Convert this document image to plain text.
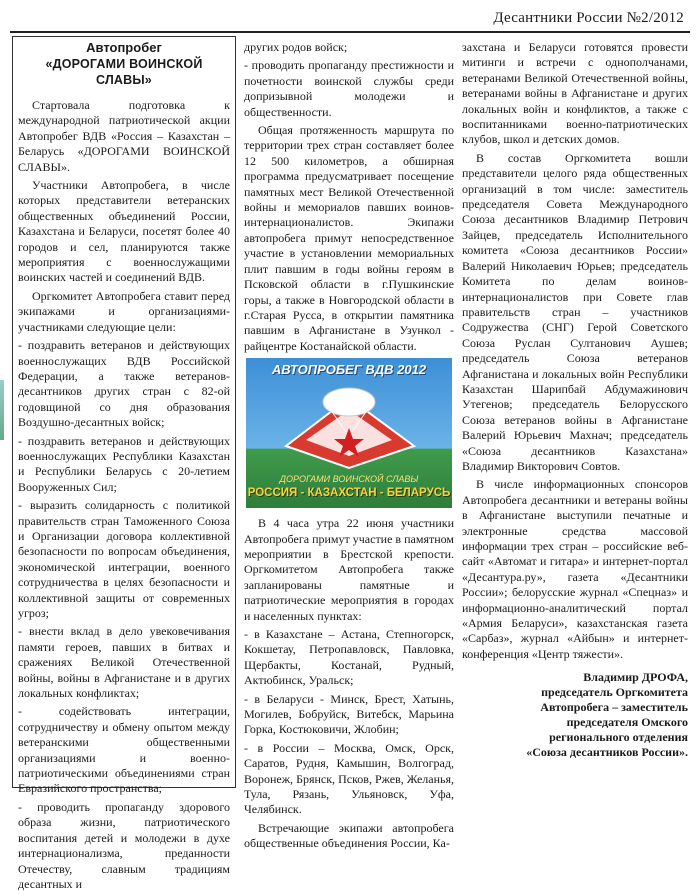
Десантники России №2/2012
Автопробег
«ДОРОГАМИ ВОИНСКОЙ СЛАВЫ»

Стартовала подготовка к международной патриотической акции Автопробег ВДВ «Россия – Казахстан – Беларусь «ДОРОГАМИ ВОИНСКОЙ СЛАВЫ».

Участники Автопробега, в числе которых представители ветеранских общественных объединений России, Казахстана и Беларуси, посетят более 40 городов и сел, планируются также мероприятия с военнослужащими воинских частей и соединений ВДВ.

Оргкомитет Автопробега ставит перед экипажами и организациями-участниками следующие цели:

- поздравить ветеранов и действующих военнослужащих ВДВ Российской Федерации, а также ветеранов-десантников других стран с 82-ой годовщиной со дня образования Воздушно-десантных войск;

- поздравить ветеранов и действующих военнослужащих Республики Казахстан и Республики Беларусь с 20-летием Вооруженных Сил;

- выразить солидарность с политикой правительств стран Таможенного Союза и Организации договора коллективной безопасности по вопросам объединения, экономической интеграции, военного сотрудничества в целях безопасности и коллективной защиты от современных угроз;

- внести вклад в дело увековечивания памяти героев, павших в битвах и сражениях Великой Отечественной войны, войны в Афганистане и в других локальных конфликтах;

- содействовать интеграции, сотрудничеству и обмену опытом между ветеранскими общественными организациями и военно-патриотическими объединениями стран Евразийского пространства;

- проводить пропаганду здорового образа жизни, патриотического воспитания детей и молодежи в духе интернационализма, преданности Отечеству, славным традициям десантных и

других родов войск;

- проводить пропаганду престижности и почетности воинской службы среди допризывной молодежи и общественности.

Общая протяженность маршрута по территории трех стран составляет более 12 500 километров, а обширная программа предусматривает посещение памятных мест Великой Отечественной войны и мемориалов павших воинов-интернационалистов. Экипажи автопробега примут непосредственное участие в установлении мемориальных плит павшим в годы войны героям в Псковской области в г.Пушкинские горы, а также в Новгородской области в г.Старая Русса, в открытии памятника павшим в Афганистане в Узункол - райцентре Костанайской области.

АВТОПРОБЕГ ВДВ 2012
ДОРОГАМИ ВОИНСКОЙ СЛАВЫ
РОССИЯ - КАЗАХСТАН - БЕЛАРУСЬ

В 4 часа утра 22 июня участники Автопробега примут участие в памятном мероприятии в Брестской крепости. Оргкомитетом Автопробега также запланированы памятные и патриотические мероприятия в городах и населенных пунктах:

- в Казахстане – Астана, Степногорск, Кокшетау, Петропавловск, Павловка, Щербакты, Костанай, Рудный, Актюбинск, Уральск;

- в Беларуси - Минск, Брест, Хатынь, Могилев, Бобруйск, Витебск, Марьина Горка, Костюковичи, Жлобин;

- в России – Москва, Омск, Орск, Саратов, Рудня, Камышин, Волгоград, Воронеж, Брянск, Псков, Ржев, Желанья, Тула, Рязань, Ульяновск, Уфа, Челябинск.

Встречающие экипажи автопробега общественные объединения России, Ка-

захстана и Беларуси готовятся провести митинги и встречи с однополчанами, ветеранами Великой Отечественной войны, ветеранами войны в Афганистане и других локальных войн и конфликтов, а также с воспитанниками военно-патриотических клубов, школ и детских домов.

В состав Оргкомитета вошли представители целого ряда общественных организаций в том числе: заместитель председателя Совета Международного Союза десантников Владимир Петрович Зайцев, председатель Исполнительного комитета «Союза десантников России» Валерий Николаевич Юрьев; председатель Комитета по делам воинов-интернационалистов при Совете глав правительств стран – участников Содружества (СНГ) Герой Советского Союза Руслан Султанович Аушев; председатель Союза ветеранов Афганистана и локальных войн Республики Казахстан Шарипбай Абдумажинович Утегенов; председатель Белорусского Союза ветеранов войны в Афганистане Валерий Юрьевич Махнач; председатель «Союза десантников Казахстана» Владимир Викторович Совтов.

В числе информационных спонсоров Автопробега десантники и ветераны войны в Афганистане выступили печатные и электронные средства массовой информации трех стран – российские веб-сайт «Автомат и гитара» и интернет-портал «Десантура.ру», газета «Десантники России»; белорусские журнал «Спецназ» и информационно-аналитический портал «Армия Беларуси», казахстанская газета «Сарбаз», журнал «Айбын» и интернет-конференция «Центр тяжести».

Владимир ДРОФА,
председатель Оргкомитета
Автопробега – заместитель
председателя Омского
регионального отделения
«Союза десантников России».
